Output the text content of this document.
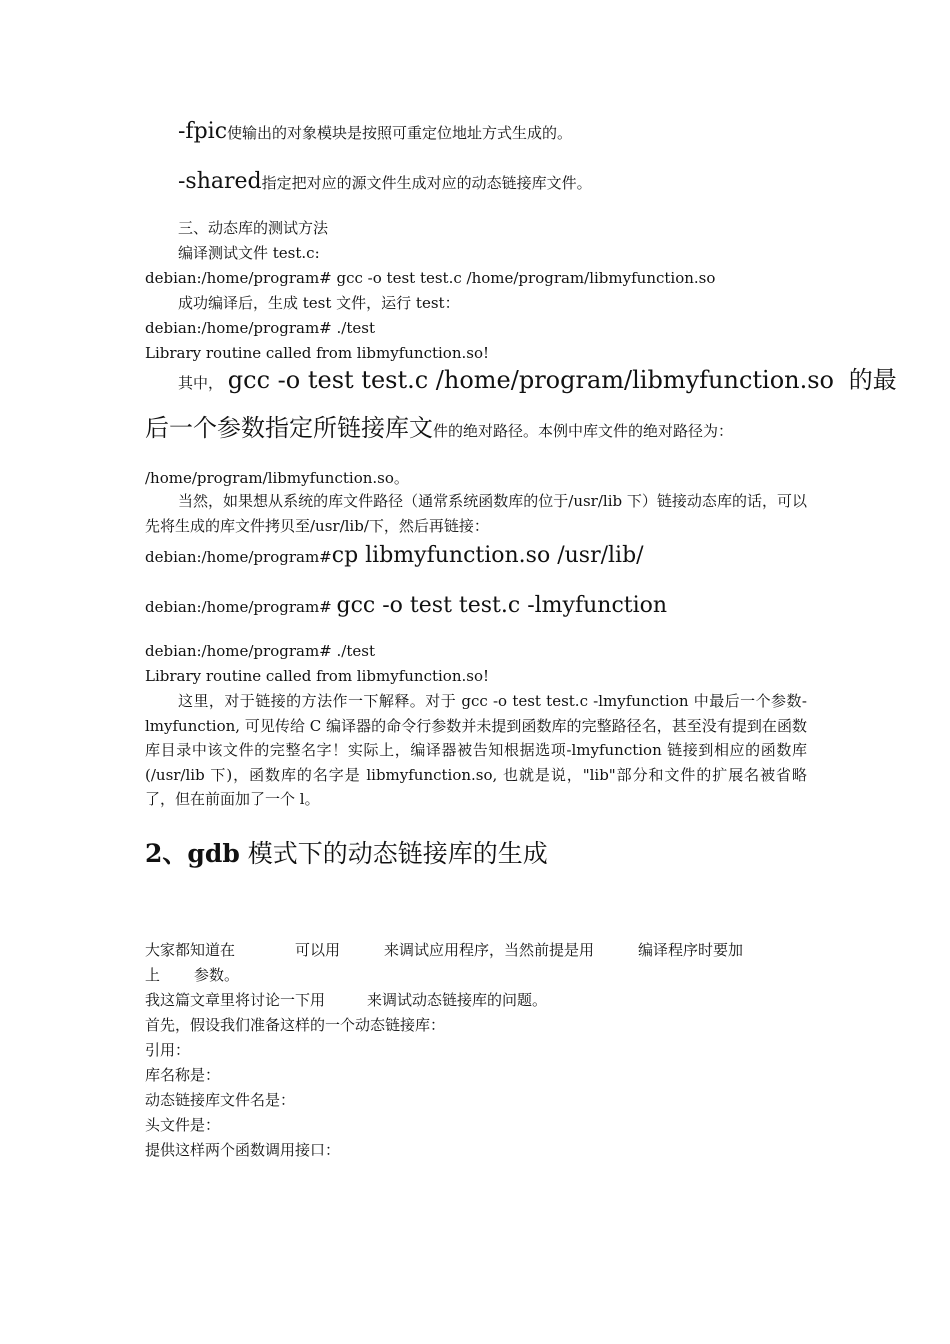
-fpic使输出的对象模块是按照可重定位地址方式生成的。
-shared指定把对应的源文件生成对应的动态链接库文件。
三、动态库的测试方法
编译测试文件 test.c:
debian:/home/program# gcc -o test test.c /home/program/libmyfunction.so
成功编译后，生成 test 文件，运行 test：
debian:/home/program# ./test
Library routine called from libmyfunction.so!
其中， gcc -o test test.c /home/program/libmyfunction.so 的最
后一个参数指定所链接库文件的绝对路径。本例中库文件的绝对路径为：
/home/program/libmyfunction.so。
当然，如果想从系统的库文件路径（通常系统函数库的位于/usr/lib 下）链接动态库的话，可以先将生成的库文件拷贝至/usr/lib/下，然后再链接：
debian:/home/program#cp libmyfunction.so /usr/lib/
debian:/home/program# gcc -o test test.c -lmyfunction
debian:/home/program# ./test
Library routine called from libmyfunction.so!
这里，对于链接的方法作一下解释。对于 gcc -o test test.c -lmyfunction 中最后一个参数-lmyfunction, 可见传给 C 编译器的命令行参数并未提到函数库的完整路径名，甚至没有提到在函数库目录中该文件的完整名字！实际上，编译器被告知根据选项-lmyfunction 链接到相应的函数库(/usr/lib 下)，函数库的名字是 libmyfunction.so, 也就是说，"lib"部分和文件的扩展名被省略了，但在前面加了一个 l。
2、gdb 模式下的动态链接库的生成
大家都知道在	可以用	来调试应用程序，当然前提是用	编译程序时要加
上 参数。
我这篇文章里将讨论一下用	来调试动态链接库的问题。
首先，假设我们准备这样的一个动态链接库：
引用：
库名称是：
动态链接库文件名是：
头文件是：
提供这样两个函数调用接口：
